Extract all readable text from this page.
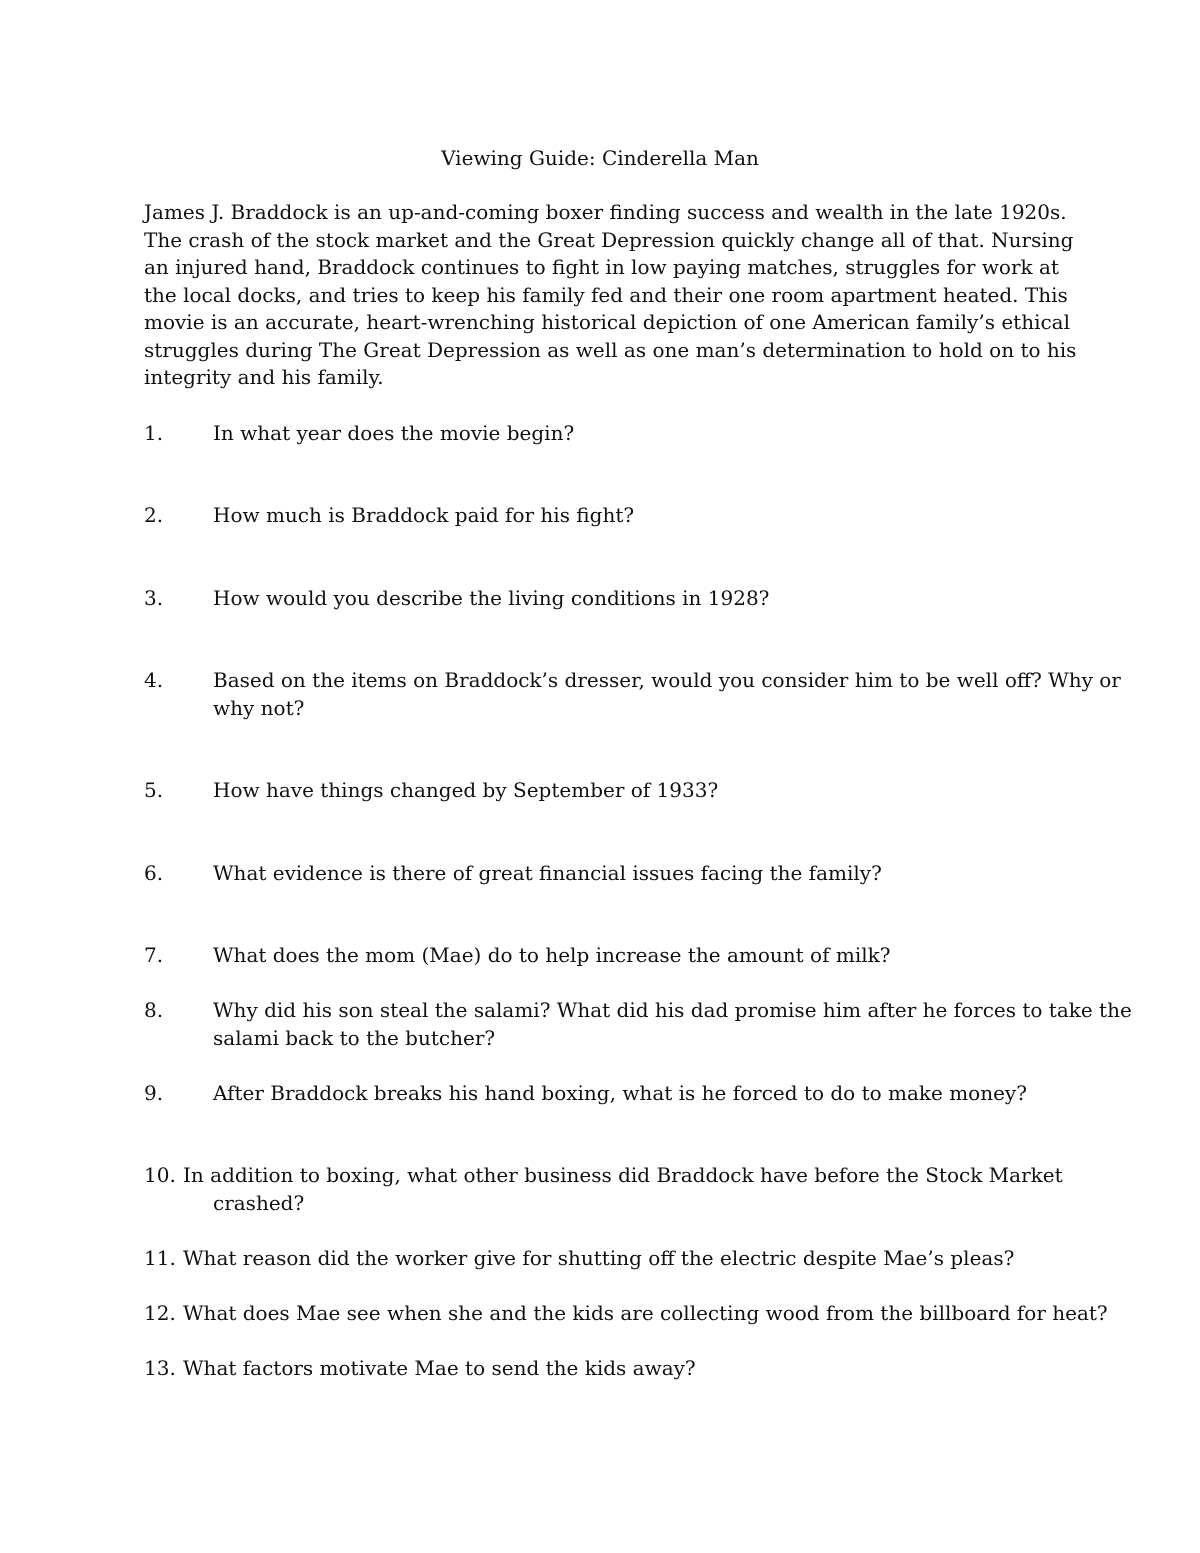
Viewing Guide: Cinderella Man
James J. Braddock is an up-and-coming boxer finding success and wealth in the late 1920s. The crash of the stock market and the Great Depression quickly change all of that. Nursing an injured hand, Braddock continues to fight in low paying matches, struggles for work at the local docks, and tries to keep his family fed and their one room apartment heated. This movie is an accurate, heart-wrenching historical depiction of one American family’s ethical struggles during The Great Depression as well as one man’s determination to hold on to his integrity and his family.
1. In what year does the movie begin?
2. How much is Braddock paid for his fight?
3. How would you describe the living conditions in 1928?
4. Based on the items on Braddock’s dresser, would you consider him to be well off? Why or why not?
5. How have things changed by September of 1933?
6. What evidence is there of great financial issues facing the family?
7. What does the mom (Mae) do to help increase the amount of milk?
8. Why did his son steal the salami? What did his dad promise him after he forces to take the salami back to the butcher?
9. After Braddock breaks his hand boxing, what is he forced to do to make money?
10. In addition to boxing, what other business did Braddock have before the Stock Market
crashed?
11. What reason did the worker give for shutting off the electric despite Mae’s pleas?
12. What does Mae see when she and the kids are collecting wood from the billboard for heat?
13. What factors motivate Mae to send the kids away?
